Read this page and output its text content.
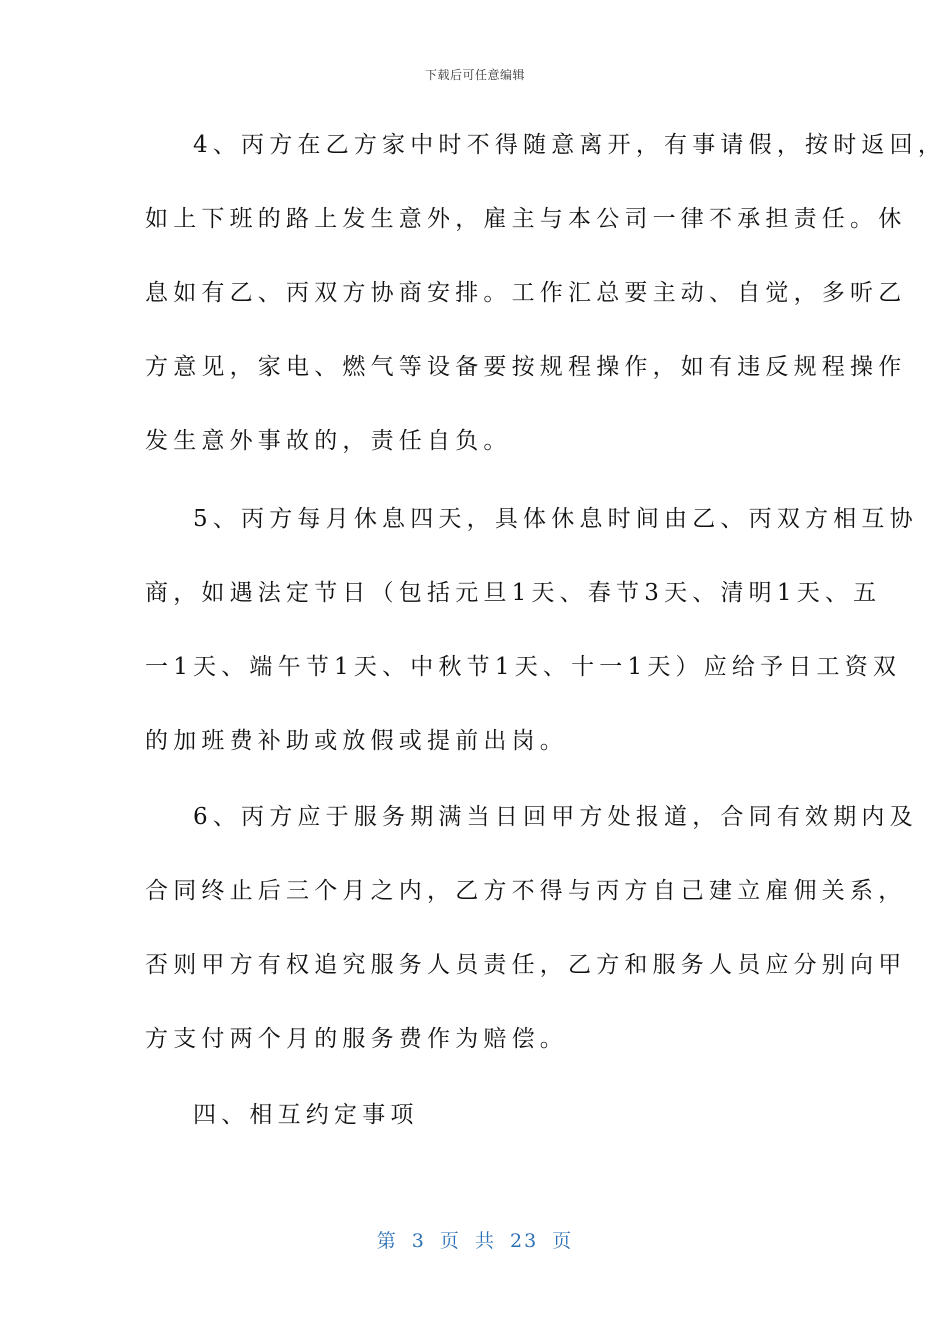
下载后可任意编辑
4、丙方在乙方家中时不得随意离开，有事请假，按时返回，
如上下班的路上发生意外，雇主与本公司一律不承担责任。休
息如有乙、丙双方协商安排。工作汇总要主动、自觉，多听乙
方意见，家电、燃气等设备要按规程操作，如有违反规程操作
发生意外事故的，责任自负。
5、丙方每月休息四天，具体休息时间由乙、丙双方相互协
商，如遇法定节日（包括元旦1天、春节3天、清明1天、五
一1天、端午节1天、中秋节1天、十一1天）应给予日工资双
的加班费补助或放假或提前出岗。
6、丙方应于服务期满当日回甲方处报道，合同有效期内及
合同终止后三个月之内，乙方不得与丙方自己建立雇佣关系，
否则甲方有权追究服务人员责任，乙方和服务人员应分别向甲
方支付两个月的服务费作为赔偿。
四、相互约定事项
第 3 页 共 23 页
